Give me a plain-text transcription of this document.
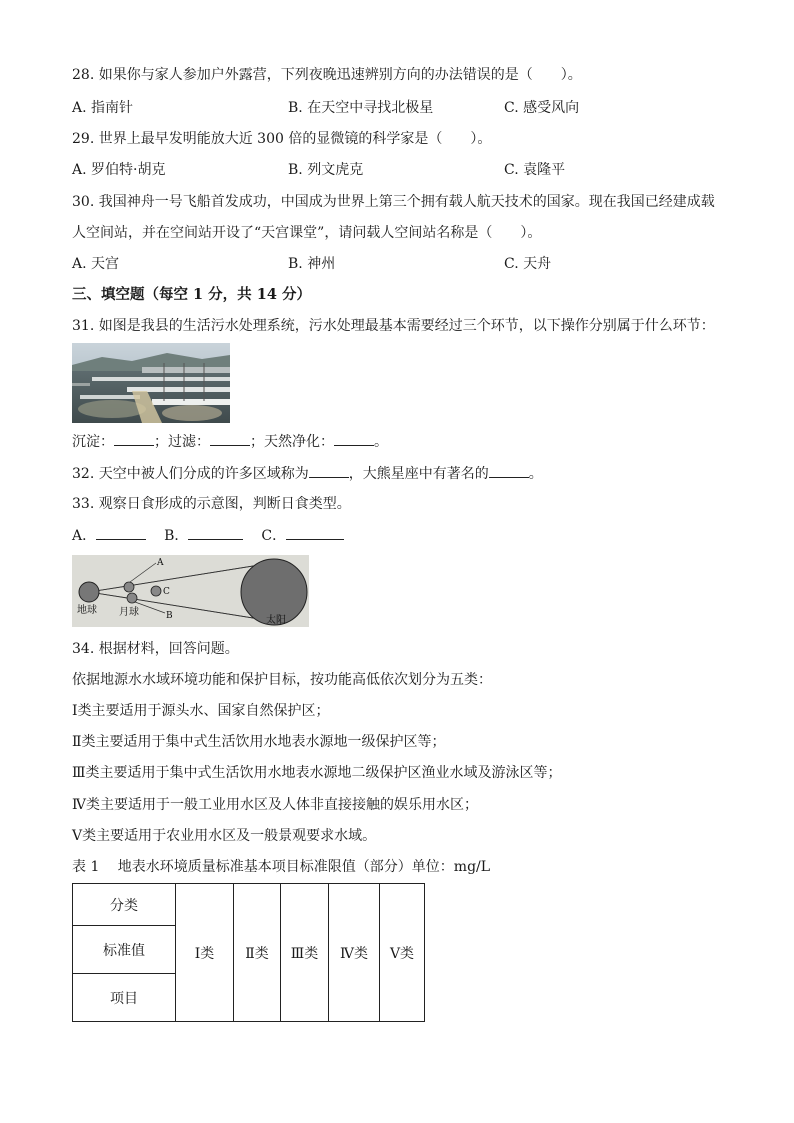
28. 如果你与家人参加户外露营，下列夜晚迅速辨别方向的办法错误的是（　　）。
A. 指南针	B. 在天空中寻找北极星	C. 感受风向
29. 世界上最早发明能放大近 300 倍的显微镜的科学家是（　　）。
A. 罗伯特·胡克	B. 列文虎克	C. 袁隆平
30. 我国神舟一号飞船首发成功，中国成为世界上第三个拥有载人航天技术的国家。现在我国已经建成载
人空间站，并在空间站开设了“天宫课堂”，请问载人空间站名称是（　　）。
A. 天宫	B. 神州	C. 天舟
三、填空题（每空 1 分，共 14 分）
31. 如图是我县的生活污水处理系统，污水处理最基本需要经过三个环节，以下操作分别属于什么环节：
沉淀：	；过滤：	；天然净化：	。
32. 天空中被人们分成的许多区域称为	，大熊星座中有著名的	。
33. 观察日食形成的示意图，判断日食类型。
A．	B．	C．
A
B
C
地球 月球
太阳
34. 根据材料，回答问题。
依据地源水水域环境功能和保护目标，按功能高低依次划分为五类：
Ⅰ类主要适用于源头水、国家自然保护区；
Ⅱ类主要适用于集中式生活饮用水地表水源地一级保护区等；
Ⅲ类主要适用于集中式生活饮用水地表水源地二级保护区渔业水域及游泳区等；
Ⅳ类主要适用于一般工业用水区及人体非直接接触的娱乐用水区；
Ⅴ类主要适用于农业用水区及一般景观要求水域。
表 1　 地表水环境质量标准基本项目标准限值（部分）单位：mg/L
分类	Ⅰ类	Ⅱ类	Ⅲ类	Ⅳ类	Ⅴ类
标准值
项目
